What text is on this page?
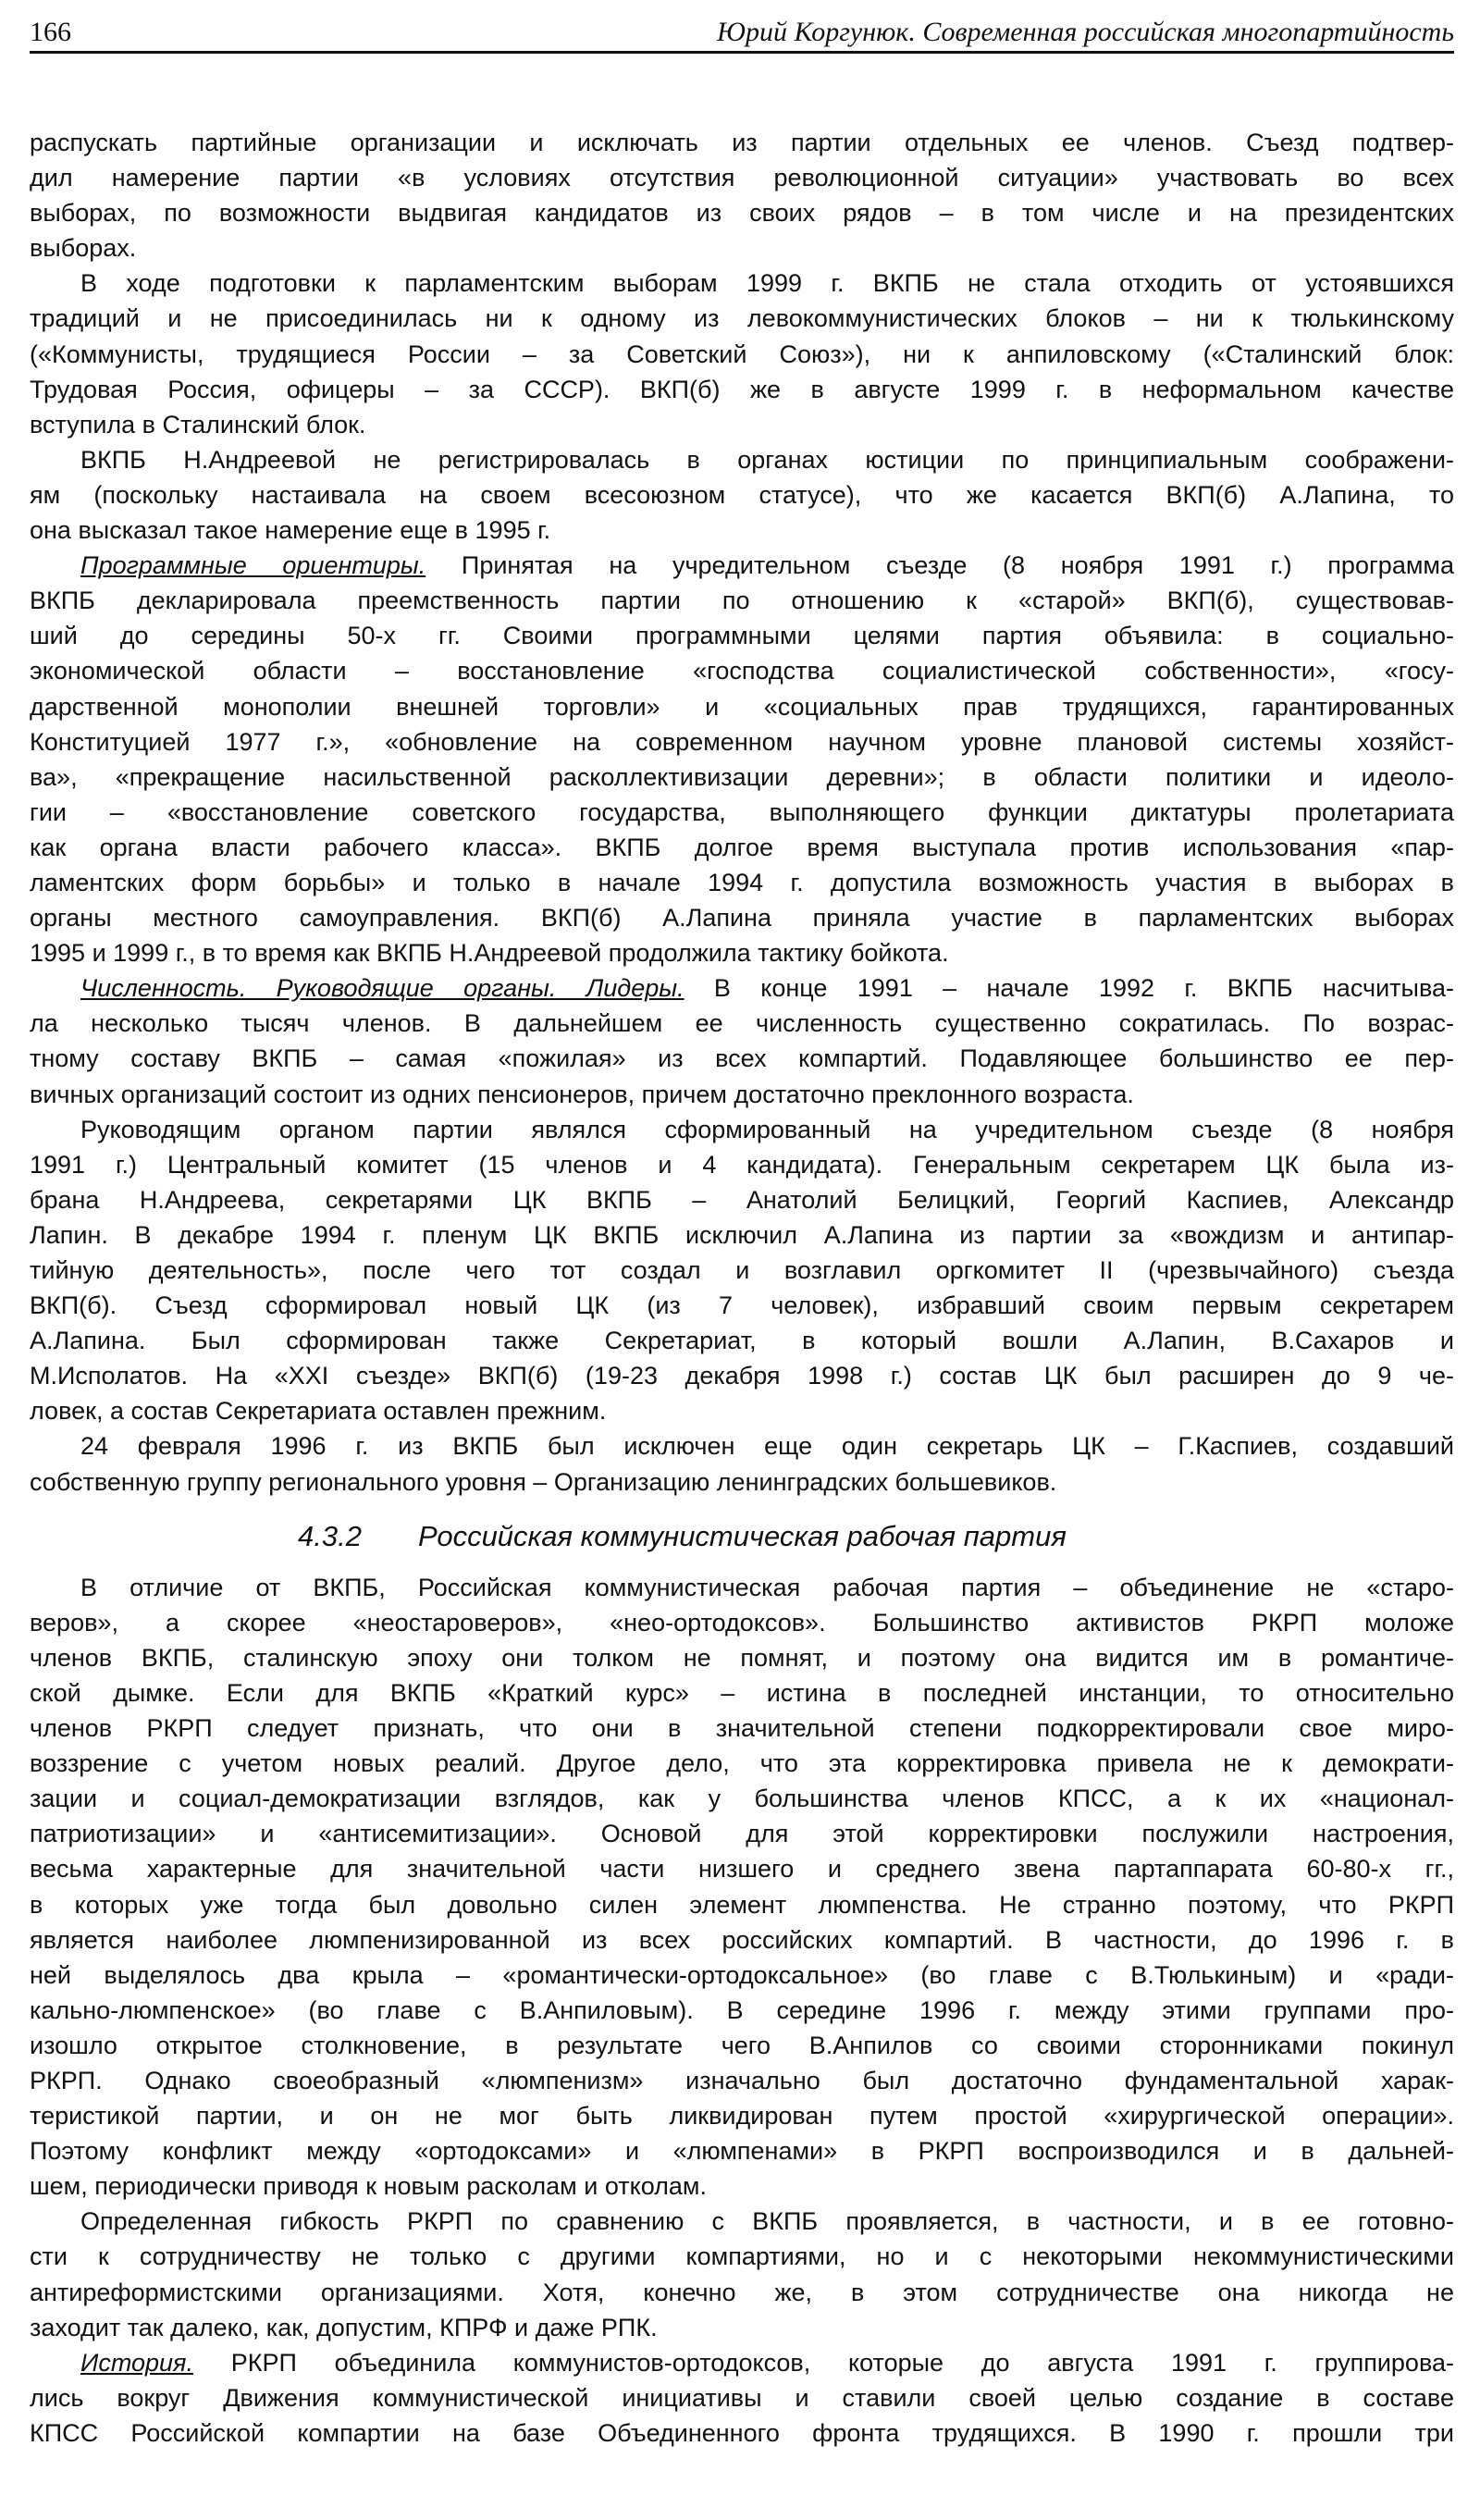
166	Юрий Коргунюк. Современная российская многопартийность
распускать партийные организации и исключать из партии отдельных ее членов. Съезд подтвер-
дил намерение партии «в условиях отсутствия революционной ситуации» участвовать во всех
выборах, по возможности выдвигая кандидатов из своих рядов – в том числе и на президентских
выборах.
В ходе подготовки к парламентским выборам 1999 г. ВКПБ не стала отходить от устоявшихся
традиций и не присоединилась ни к одному из левокоммунистических блоков – ни к тюлькинскому
(«Коммунисты, трудящиеся России – за Советский Союз»), ни к анпиловскому («Сталинский блок:
Трудовая Россия, офицеры – за СССР). ВКП(б) же в августе 1999 г. в неформальном качестве
вступила в Сталинский блок.
ВКПБ Н.Андреевой не регистрировалась в органах юстиции по принципиальным соображени-
ям (поскольку настаивала на своем всесоюзном статусе), что же касается ВКП(б) А.Лапина, то
она высказал такое намерение еще в 1995 г.
Программные ориентиры. Принятая на учредительном съезде (8 ноября 1991 г.) программа
ВКПБ декларировала преемственность партии по отношению к «старой» ВКП(б), существовав-
ший до середины 50-х гг. Своими программными целями партия объявила: в социально-
экономической области – восстановление «господства социалистической собственности», «госу-
дарственной монополии внешней торговли» и «социальных прав трудящихся, гарантированных
Конституцией 1977 г.», «обновление на современном научном уровне плановой системы хозяйст-
ва», «прекращение насильственной расколлективизации деревни»; в области политики и идеоло-
гии – «восстановление советского государства, выполняющего функции диктатуры пролетариата
как органа власти рабочего класса». ВКПБ долгое время выступала против использования «пар-
ламентских форм борьбы» и только в начале 1994 г. допустила возможность участия в выборах в
органы местного самоуправления. ВКП(б) А.Лапина приняла участие в парламентских выборах
1995 и 1999 г., в то время как ВКПБ Н.Андреевой продолжила тактику бойкота.
Численность. Руководящие органы. Лидеры. В конце 1991 – начале 1992 г. ВКПБ насчитыва-
ла несколько тысяч членов. В дальнейшем ее численность существенно сократилась. По возрас-
тному составу ВКПБ – самая «пожилая» из всех компартий. Подавляющее большинство ее пер-
вичных организаций состоит из одних пенсионеров, причем достаточно преклонного возраста.
Руководящим органом партии являлся сформированный на учредительном съезде (8 ноября
1991 г.) Центральный комитет (15 членов и 4 кандидата). Генеральным секретарем ЦК была из-
брана Н.Андреева, секретарями ЦК ВКПБ – Анатолий Белицкий, Георгий Каспиев, Александр
Лапин. В декабре 1994 г. пленум ЦК ВКПБ исключил А.Лапина из партии за «вождизм и антипар-
тийную деятельность», после чего тот создал и возглавил оргкомитет II (чрезвычайного) съезда
ВКП(б). Съезд сформировал новый ЦК (из 7 человек), избравший своим первым секретарем
А.Лапина. Был сформирован также Секретариат, в который вошли А.Лапин, В.Сахаров и
М.Исполатов. На «XXI съезде» ВКП(б) (19-23 декабря 1998 г.) состав ЦК был расширен до 9 че-
ловек, а состав Секретариата оставлен прежним.
24 февраля 1996 г. из ВКПБ был исключен еще один секретарь ЦК – Г.Каспиев, создавший
собственную группу регионального уровня – Организацию ленинградских большевиков.
4.3.2 Российская коммунистическая рабочая партия
В отличие от ВКПБ, Российская коммунистическая рабочая партия – объединение не «старо-
веров», а скорее «неостароверов», «нео-ортодоксов». Большинство активистов РКРП моложе
членов ВКПБ, сталинскую эпоху они толком не помнят, и поэтому она видится им в романтиче-
ской дымке. Если для ВКПБ «Краткий курс» – истина в последней инстанции, то относительно
членов РКРП следует признать, что они в значительной степени подкорректировали свое миро-
воззрение с учетом новых реалий. Другое дело, что эта корректировка привела не к демократи-
зации и социал-демократизации взглядов, как у большинства членов КПСС, а к их «национал-
патриотизации» и «антисемитизации». Основой для этой корректировки послужили настроения,
весьма характерные для значительной части низшего и среднего звена партаппарата 60-80-х гг.,
в которых уже тогда был довольно силен элемент люмпенства. Не странно поэтому, что РКРП
является наиболее люмпенизированной из всех российских компартий. В частности, до 1996 г. в
ней выделялось два крыла – «романтически-ортодоксальное» (во главе с В.Тюлькиным) и «ради-
кально-люмпенское» (во главе с В.Анпиловым). В середине 1996 г. между этими группами про-
изошло открытое столкновение, в результате чего В.Анпилов со своими сторонниками покинул
РКРП. Однако своеобразный «люмпенизм» изначально был достаточно фундаментальной харак-
теристикой партии, и он не мог быть ликвидирован путем простой «хирургической операции».
Поэтому конфликт между «ортодоксами» и «люмпенами» в РКРП воспроизводился и в дальней-
шем, периодически приводя к новым расколам и отколам.
Определенная гибкость РКРП по сравнению с ВКПБ проявляется, в частности, и в ее готовно-
сти к сотрудничеству не только с другими компартиями, но и с некоторыми некоммунистическими
антиреформистскими организациями. Хотя, конечно же, в этом сотрудничестве она никогда не
заходит так далеко, как, допустим, КПРФ и даже РПК.
История. РКРП объединила коммунистов-ортодоксов, которые до августа 1991 г. группирова-
лись вокруг Движения коммунистической инициативы и ставили своей целью создание в составе
КПСС Российской компартии на базе Объединенного фронта трудящихся. В 1990 г. прошли три
